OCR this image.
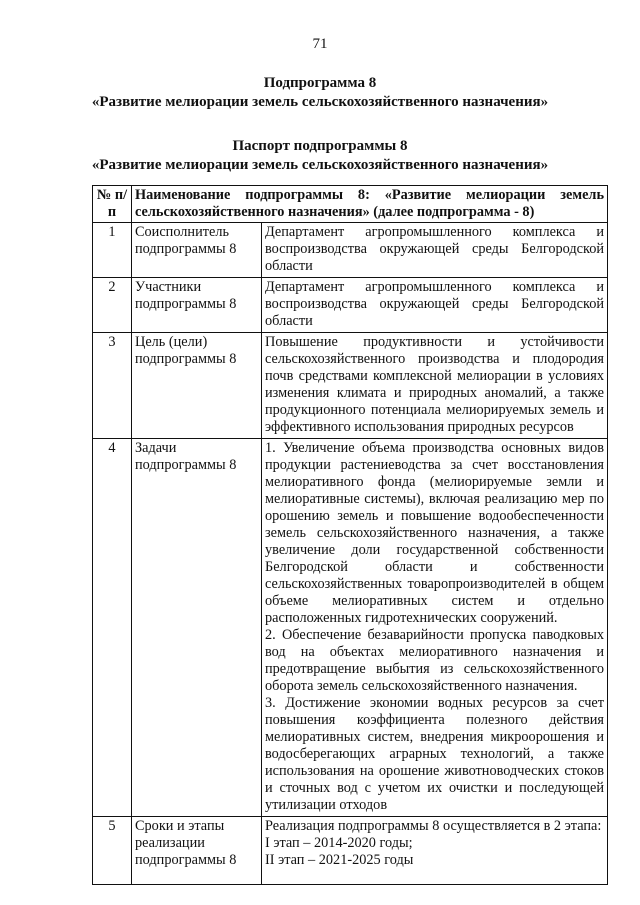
71
Подпрограмма 8
«Развитие мелиорации земель сельскохозяйственного назначения»
Паспорт подпрограммы 8
«Развитие мелиорации земель сельскохозяйственного назначения»
№ п/п	Наименование подпрограммы 8: «Развитие мелиорации земель сельскохозяйственного назначения» (далее подпрограмма - 8)	
1	Соисполнитель подпрограммы 8	Департамент агропромышленного комплекса и воспроизводства окружающей среды Белгородской области

2	Участники подпрограммы 8	Департамент агропромышленного комплекса и воспроизводства окружающей среды Белгородской области

3	Цель (цели) подпрограммы 8	Повышение продуктивности и устойчивости сельскохозяйственного производства и плодородия почв средствами комплексной мелиорации в условиях изменения климата и природных аномалий, а также продукционного потенциала мелиорируемых земель и эффективного использования природных ресурсов

4	Задачи подпрограммы 8	1. Увеличение объема производства основных видов продукции растениеводства за счет восстановления мелиоративного фонда (мелиорируемые земли и мелиоративные системы), включая реализацию мер по орошению земель и повышение водообеспеченности земель сельскохозяйственного назначения, а также увеличение доли государственной собственности Белгородской области и собственности сельскохозяйственных товаропроизводителей в общем объеме мелиоративных систем и отдельно расположенных гидротехнических сооружений.
2. Обеспечение безаварийности пропуска паводковых вод на объектах мелиоративного назначения и предотвращение выбытия из сельскохозяйственного оборота земель сельскохозяйственного назначения.
3. Достижение экономии водных ресурсов за счет повышения коэффициента полезного действия мелиоративных систем, внедрения микроорошения и водосберегающих аграрных технологий, а также использования на орошение животноводческих стоков и сточных вод с учетом их очистки и последующей утилизации отходов

5	Сроки и этапы реализации подпрограммы 8	Реализация подпрограммы 8 осуществляется в 2 этапа:
I этап – 2014-2020 годы;
II этап – 2021-2025 годы
